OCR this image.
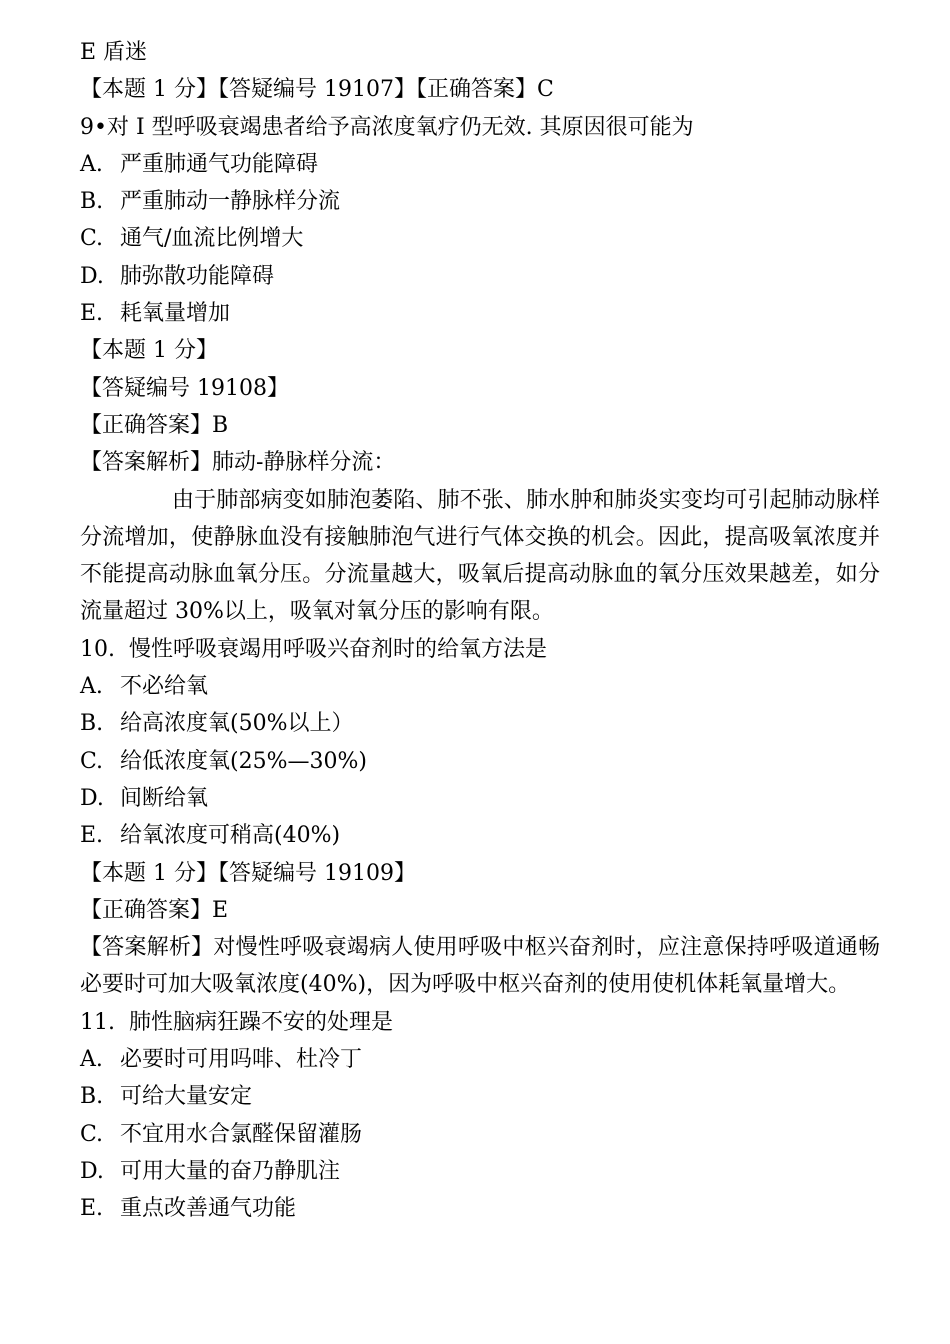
E 盾迷
【本题 1 分】【答疑编号 19107】【正确答案】C
9•对 I 型呼吸衰竭患者给予高浓度氧疗仍无效. 其原因很可能为
A. 严重肺通气功能障碍
B. 严重肺动一静脉样分流
C. 通气/血流比例增大
D. 肺弥散功能障碍
E. 耗氧量增加
【本题 1 分】
【答疑编号 19108】
【正确答案】B
【答案解析】肺动-静脉样分流：

由于肺部病变如肺泡萎陷、肺不张、肺水肿和肺炎实变均可引起肺动脉样分流增加，使静脉血没有接触肺泡气进行气体交换的机会。因此，提高吸氧浓度并不能提高动脉血氧分压。分流量越大，吸氧后提高动脉血的氧分压效果越差，如分流量超过 30%以上，吸氧对氧分压的影响有限。

10.  慢性呼吸衰竭用呼吸兴奋剂时的给氧方法是
A. 不必给氧
B. 给高浓度氧(50%以上）
C. 给低浓度氧(25%—30%)
D. 间断给氧
E. 给氧浓度可稍高(40%)
【本题 1 分】【答疑编号 19109】
【正确答案】E

【答案解析】对慢性呼吸衰竭病人使用呼吸中枢兴奋剂时，应注意保持呼吸道通畅必要时可加大吸氧浓度(40%)，因为呼吸中枢兴奋剂的使用使机体耗氧量增大。

11.  肺性脑病狂躁不安的处理是
A. 必要时可用吗啡、杜冷丁
B. 可给大量安定
C. 不宜用水合氯醛保留灌肠
D. 可用大量的奋乃静肌注
E. 重点改善通气功能
